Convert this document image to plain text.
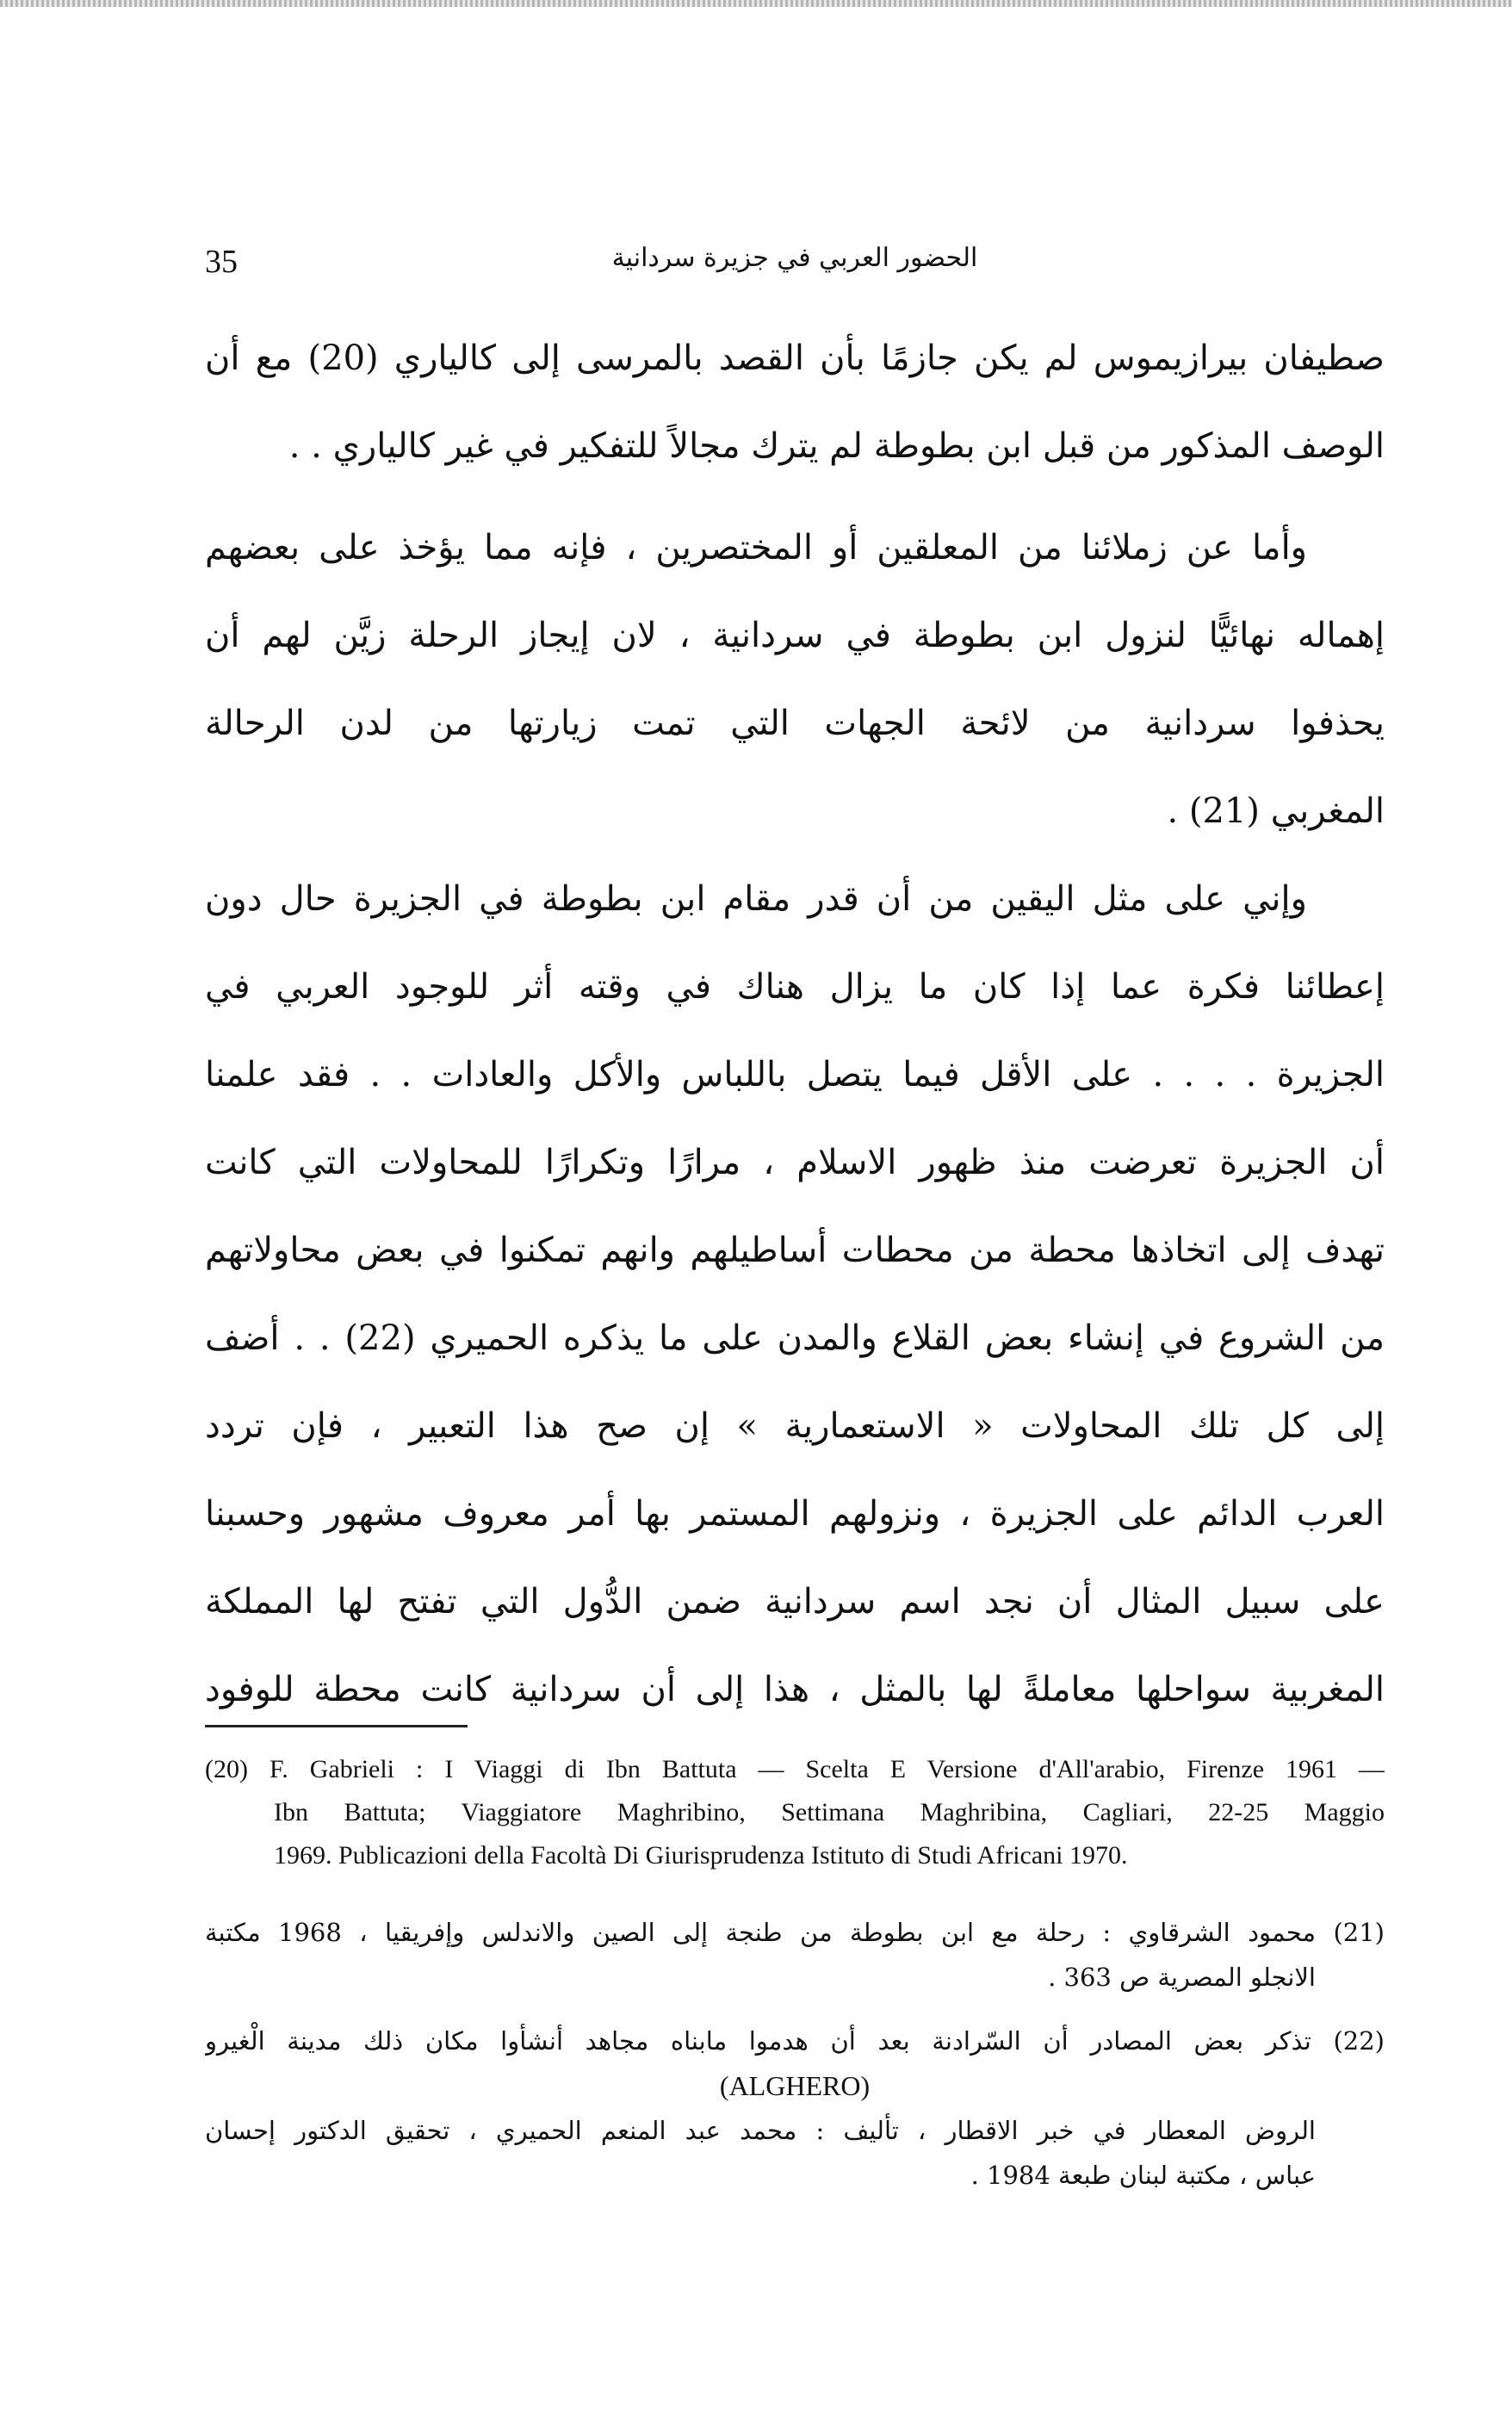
35	الحضور العربي في جزيرة سردانية
صطيفان بيرازيموس لم يكن جازمًا بأن القصد بالمرسى إلى كالياري (20) مع أن
الوصف المذكور من قبل ابن بطوطة لم يترك مجالاً للتفكير في غير كالياري . .
وأما عن زملائنا من المعلقين أو المختصرين ، فإنه مما يؤخذ على بعضهم
إهماله نهائيًّا لنزول ابن بطوطة في سردانية ، لان إيجاز الرحلة زيَّن لهم أن
يحذفوا سردانية من لائحة الجهات التي تمت زيارتها من لدن الرحالة
المغربي (21) .
وإني على مثل اليقين من أن قدر مقام ابن بطوطة في الجزيرة حال دون
إعطائنا فكرة عما إذا كان ما يزال هناك في وقته أثر للوجود العربي في
الجزيرة . . . . على الأقل فيما يتصل باللباس والأكل والعادات . . فقد علمنا
أن الجزيرة تعرضت منذ ظهور الاسلام ، مرارًا وتكرارًا للمحاولات التي كانت
تهدف إلى اتخاذها محطة من محطات أساطيلهم وانهم تمكنوا في بعض محاولاتهم
من الشروع في إنشاء بعض القلاع والمدن على ما يذكره الحميري (22) . . أضف
إلى كل تلك المحاولات « الاستعمارية » إن صح هذا التعبير ، فإن تردد
العرب الدائم على الجزيرة ، ونزولهم المستمر بها أمر معروف مشهور وحسبنا
على سبيل المثال أن نجد اسم سردانية ضمن الدُّول التي تفتح لها المملكة
المغربية سواحلها معاملةً لها بالمثل ، هذا إلى أن سردانية كانت محطة للوفود
(20) F. Gabrieli : I Viaggi di Ibn Battuta — Scelta E Versione d'All'arabio, Firenze 1961 —
Ibn Battuta; Viaggiatore Maghribino, Settimana Maghribina, Cagliari, 22-25 Maggio
1969. Publicazioni della Facoltà Di Giurisprudenza Istituto di Studi Africani 1970.
(21) محمود الشرقاوي : رحلة مع ابن بطوطة من طنجة إلى الصين والاندلس وإفريقيا ، 1968 مكتبة
الانجلو المصرية ص 363 .
(22) تذكر بعض المصادر أن السّرادنة بعد أن هدموا مابناه مجاهد أنشأوا مكان ذلك مدينة الْغيرو
(ALGHERO)
الروض المعطار في خبر الاقطار ، تأليف : محمد عبد المنعم الحميري ، تحقيق الدكتور إحسان
عباس ، مكتبة لبنان طبعة 1984 .
